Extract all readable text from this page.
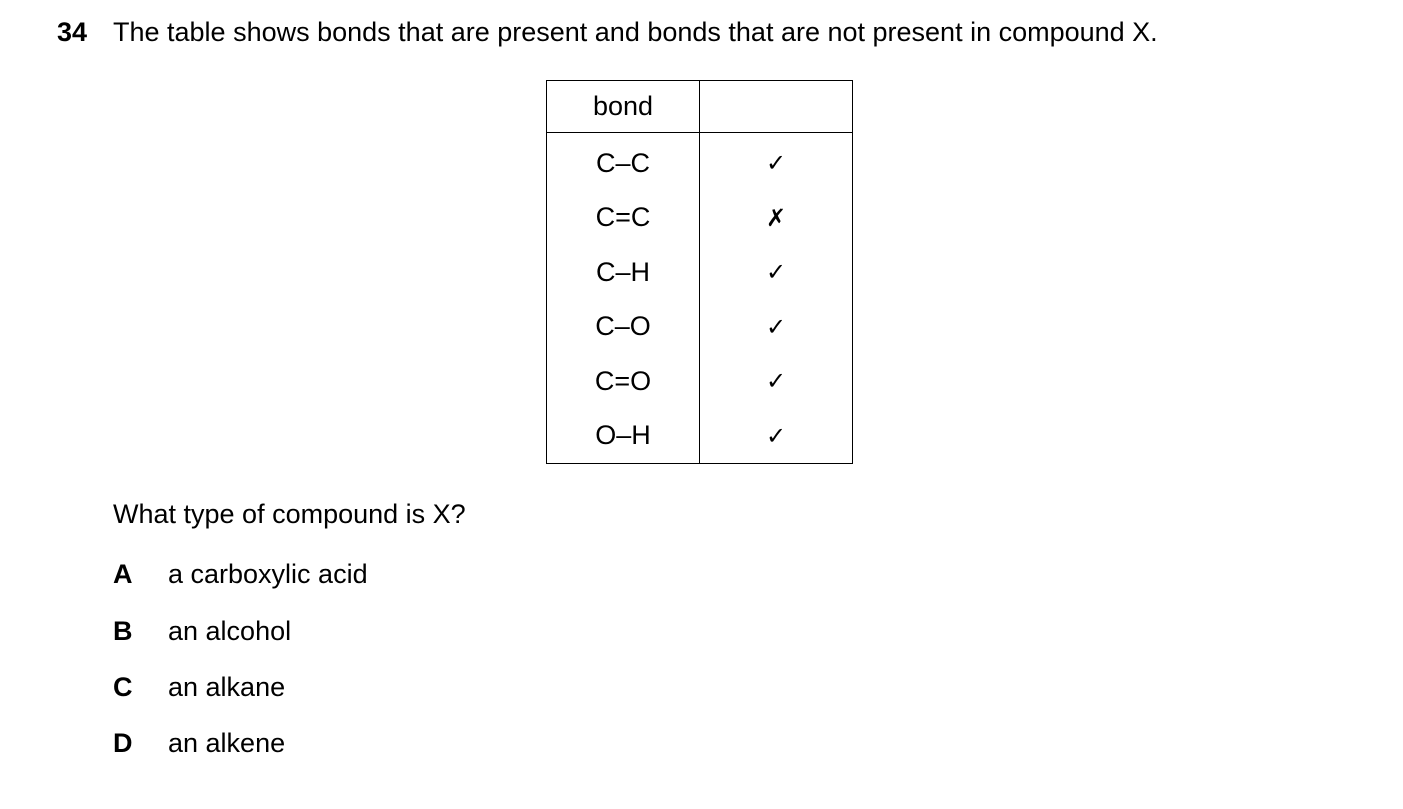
34 The table shows bonds that are present and bonds that are not present in compound X.
bond	
C–C	✓
C=C	✗
C–H	✓
C–O	✓
C=O	✓
O–H	✓
What type of compound is X?
A a carboxylic acid
B an alcohol
C an alkane
D an alkene
